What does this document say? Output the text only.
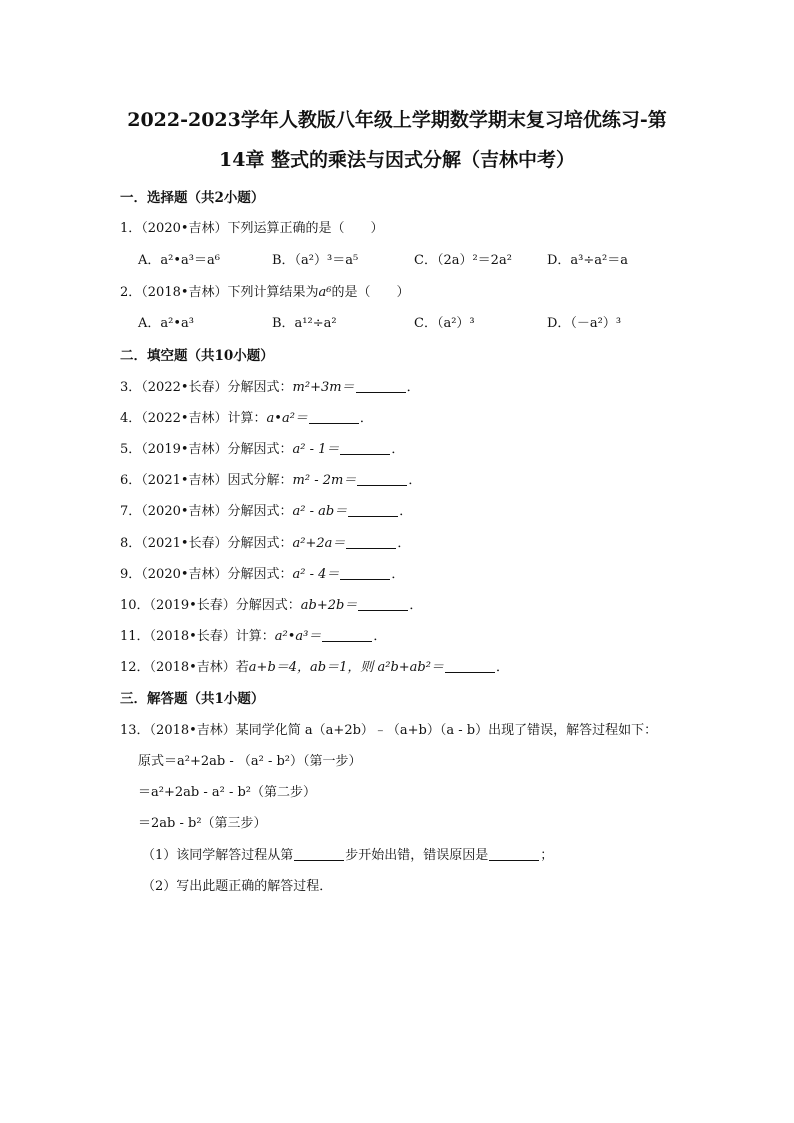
2022-2023学年人教版八年级上学期数学期末复习培优练习-第
14章 整式的乘法与因式分解（吉林中考）
一．选择题（共2小题）
1．（2020•吉林）下列运算正确的是（　　）
A．a²•a³＝a⁶	B．（a²）³＝a⁵	C．（2a）²＝2a²	D．a³÷a²＝a
2．（2018•吉林）下列计算结果为a⁶的是（　　）
A．a²•a³	B．a¹²÷a²	C．（a²）³	D．（－a²）³
二．填空题（共10小题）
3．（2022•长春）分解因式：m²+3m＝	．
4．（2022•吉林）计算：a•a²＝	．
5．（2019•吉林）分解因式：a² - 1＝	．
6．（2021•吉林）因式分解：m² - 2m＝	．
7．（2020•吉林）分解因式：a² - ab＝	．
8．（2021•长春）分解因式：a²+2a＝	．
9．（2020•吉林）分解因式：a² - 4＝	．
10．（2019•长春）分解因式：ab+2b＝	．
11．（2018•长春）计算：a²•a³＝	．
12．（2018•吉林）若a+b＝4，ab＝1，则 a²b+ab²＝	．
三．解答题（共1小题）
13．（2018•吉林）某同学化简 a（a+2b）﹣（a+b）（a - b）出现了错误，解答过程如下：
原式＝a²+2ab - （a² - b²）（第一步）
＝a²+2ab - a² - b²（第二步）
＝2ab - b²（第三步）
（1）该同学解答过程从第	步开始出错，错误原因是	；
（2）写出此题正确的解答过程．
